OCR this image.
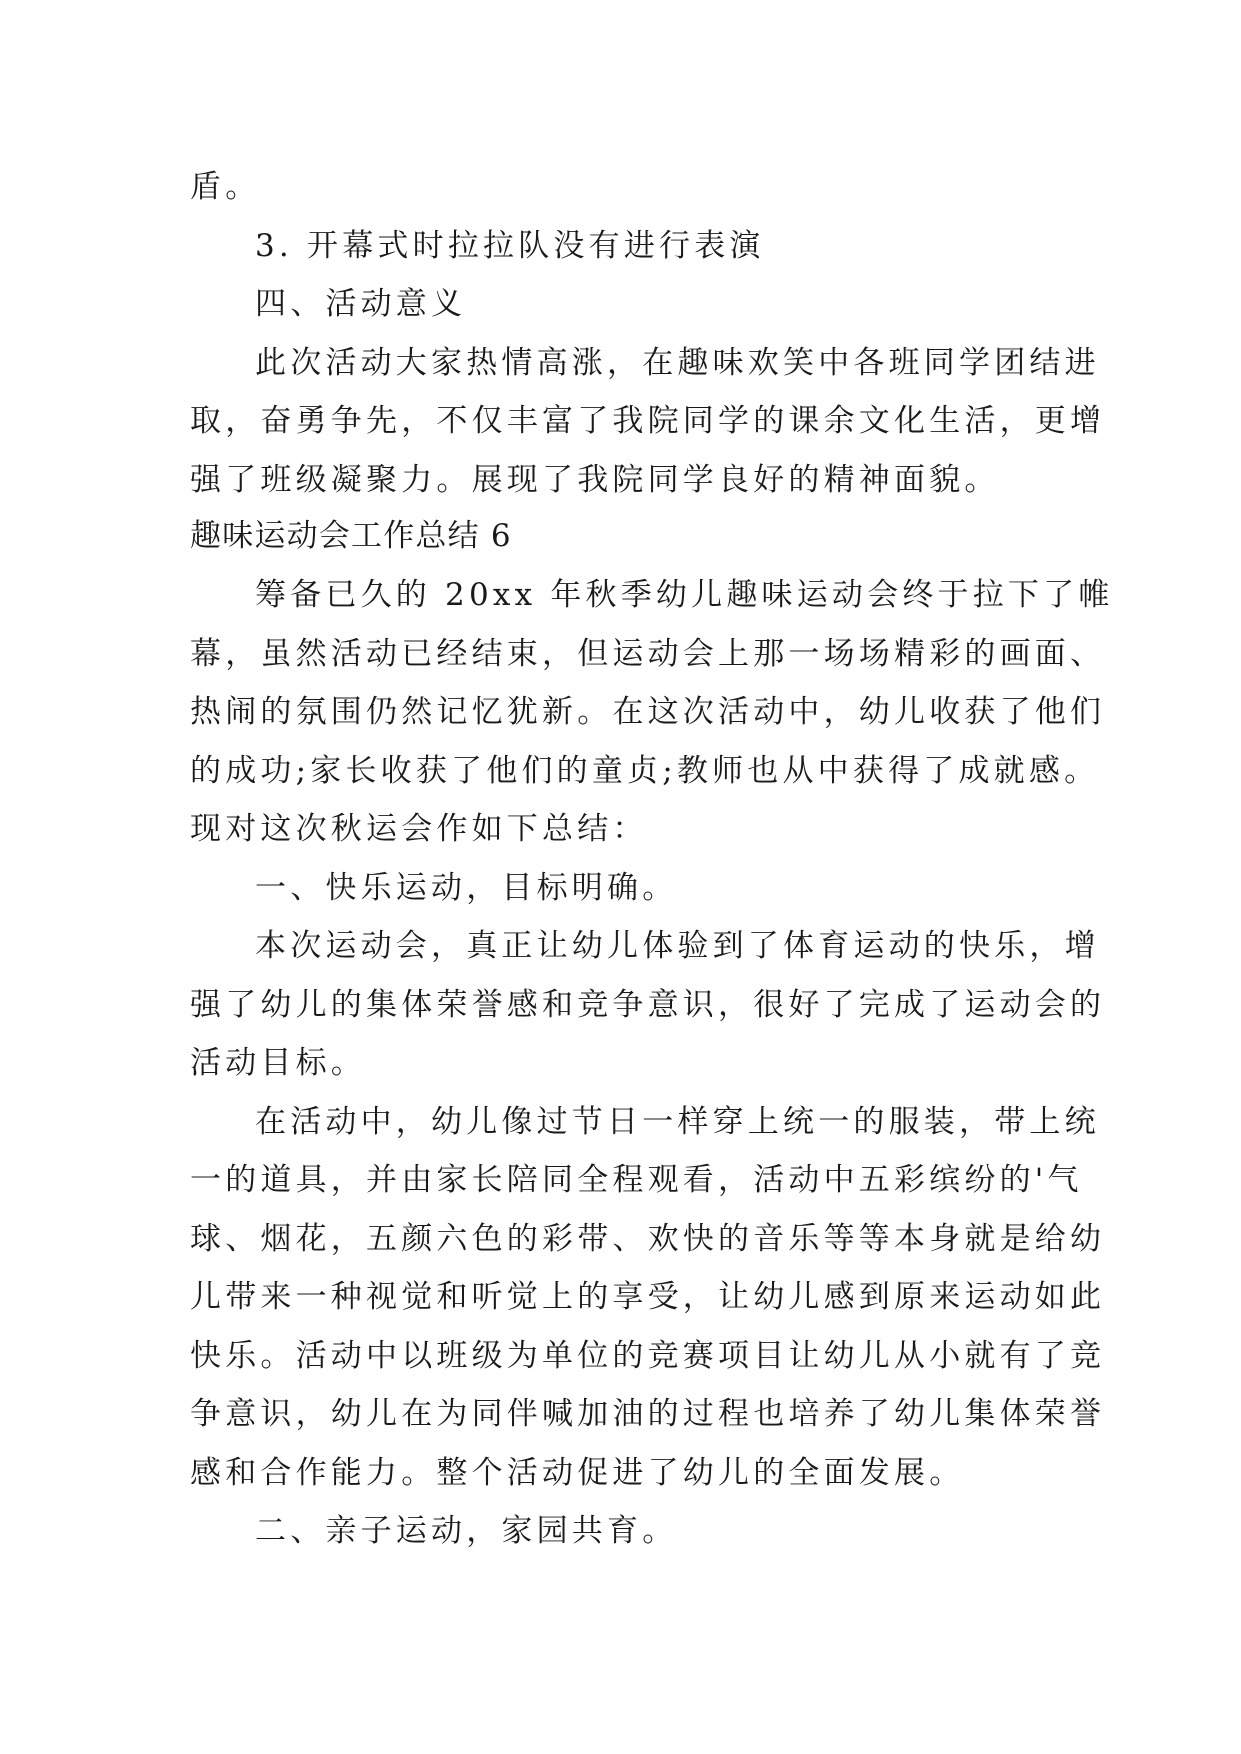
盾。
3. 开幕式时拉拉队没有进行表演
四、活动意义
此次活动大家热情高涨，在趣味欢笑中各班同学团结进
取，奋勇争先，不仅丰富了我院同学的课余文化生活，更增
强了班级凝聚力。展现了我院同学良好的精神面貌。
趣味运动会工作总结 6
筹备已久的 20xx 年秋季幼儿趣味运动会终于拉下了帷
幕，虽然活动已经结束，但运动会上那一场场精彩的画面、
热闹的氛围仍然记忆犹新。在这次活动中，幼儿收获了他们
的成功;家长收获了他们的童贞;教师也从中获得了成就感。
现对这次秋运会作如下总结：
一、快乐运动，目标明确。
本次运动会，真正让幼儿体验到了体育运动的快乐，增
强了幼儿的集体荣誉感和竞争意识，很好了完成了运动会的
活动目标。
在活动中，幼儿像过节日一样穿上统一的服装，带上统
一的道具，并由家长陪同全程观看，活动中五彩缤纷的'气
球、烟花，五颜六色的彩带、欢快的音乐等等本身就是给幼
儿带来一种视觉和听觉上的享受，让幼儿感到原来运动如此
快乐。活动中以班级为单位的竞赛项目让幼儿从小就有了竞
争意识，幼儿在为同伴喊加油的过程也培养了幼儿集体荣誉
感和合作能力。整个活动促进了幼儿的全面发展。
二、亲子运动，家园共育。
